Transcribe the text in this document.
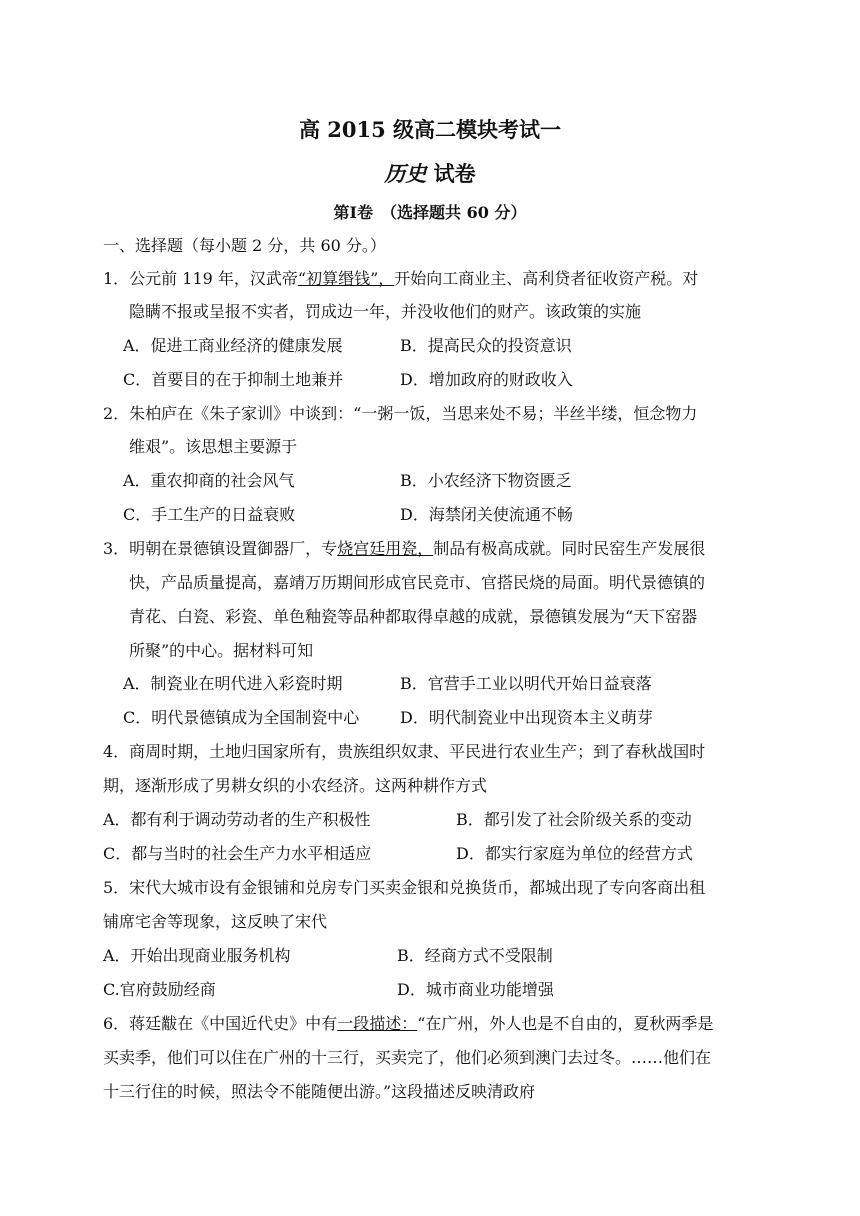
高 2015 级高二模块考试一
历史 试卷
第Ⅰ卷　（选择题共 60 分）
一、选择题（每小题 2 分，共 60 分。）
1．公元前 119 年，汉武帝“初算缗钱”，开始向工商业主、高利贷者征收资产税。对
隐瞒不报或呈报不实者，罚成边一年，并没收他们的财产。该政策的实施
A．促进工商业经济的健康发展	B．提高民众的投资意识
C．首要目的在于抑制土地兼并	D．增加政府的财政收入
2．朱柏庐在《朱子家训》中谈到：“一粥一饭，当思来处不易；半丝半缕，恒念物力
维艰”。该思想主要源于
A．重农抑商的社会风气	B．小农经济下物资匮乏
C．手工生产的日益衰败	D．海禁闭关使流通不畅
3．明朝在景德镇设置御器厂，专烧宫廷用瓷，制品有极高成就。同时民窑生产发展很
快，产品质量提高，嘉靖万历期间形成官民竞市、官搭民烧的局面。明代景德镇的
青花、白瓷、彩瓷、单色釉瓷等品种都取得卓越的成就，景德镇发展为“天下窑器
所聚”的中心。据材料可知
A．制瓷业在明代进入彩瓷时期	B．官营手工业以明代开始日益衰落
C．明代景德镇成为全国制瓷中心	D．明代制瓷业中出现资本主义萌芽
4．商周时期，土地归国家所有，贵族组织奴隶、平民进行农业生产；到了春秋战国时
期，逐渐形成了男耕女织的小农经济。这两种耕作方式
A．都有利于调动劳动者的生产积极性	B．都引发了社会阶级关系的变动
C．都与当时的社会生产力水平相适应	D．都实行家庭为单位的经营方式
5．宋代大城市设有金银铺和兑房专门买卖金银和兑换货币，都城出现了专向客商出租
铺席宅舍等现象，这反映了宋代
A．开始出现商业服务机构	B．经商方式不受限制
C.官府鼓励经商	D．城市商业功能增强
6．蒋廷黻在《中国近代史》中有一段描述：“在广州，外人也是不自由的，夏秋两季是
买卖季，他们可以住在广州的十三行，买卖完了，他们必须到澳门去过冬。……他们在
十三行住的时候，照法令不能随便出游。”这段描述反映清政府
